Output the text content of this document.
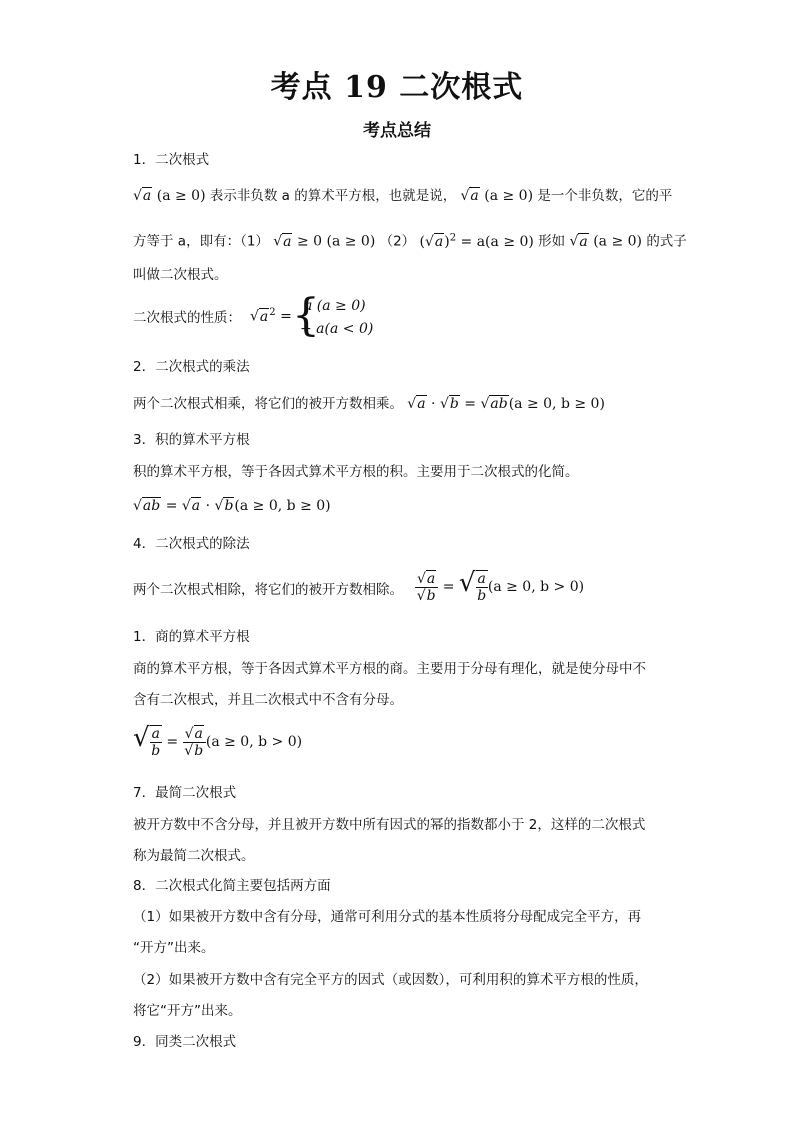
考点 19 二次根式
考点总结
1．二次根式
√a (a ≥ 0) 表示非负数 a 的算术平方根，也就是说， √a (a ≥ 0) 是一个非负数，它的平
方等于 a，即有：（1） √a ≥ 0 (a ≥ 0) （2） $(√a)^2 = a(a \ge 0)$ 形如 √a (a ≥ 0) 的式子
叫做二次根式。
二次根式的性质： $√a^2$ = {
a (a ≥ 0)
− a(a < 0)
2．二次根式的乘法
两个二次根式相乘，将它们的被开方数相乘。 √a · √b = √ab(a ≥ 0, b ≥ 0)
3．积的算术平方根
积的算术平方根，等于各因式算术平方根的积。主要用于二次根式的化简。
√ab = √a · √b(a ≥ 0, b ≥ 0)
4．二次根式的除法
两个二次根式相除，将它们的被开方数相除。 $\frac{√a}{√b}$ = √ $\frac{a}{b} (a \ge 0$, b > 0)
1．商的算术平方根
商的算术平方根，等于各因式算术平方根的商。主要用于分母有理化，就是使分母中不
含有二次根式，并且二次根式中不含有分母。
√ $\frac{a}{b} = \frac{√a}{√b} (a \ge 0$, b > 0)
7．最简二次根式
被开方数中不含分母，并且被开方数中所有因式的幂的指数都小于 2，这样的二次根式
称为最简二次根式。
8．二次根式化简主要包括两方面
（1）如果被开方数中含有分母，通常可利用分式的基本性质将分母配成完全平方，再
“开方”出来。
（2）如果被开方数中含有完全平方的因式（或因数），可利用积的算术平方根的性质，
将它“开方”出来。
9．同类二次根式
